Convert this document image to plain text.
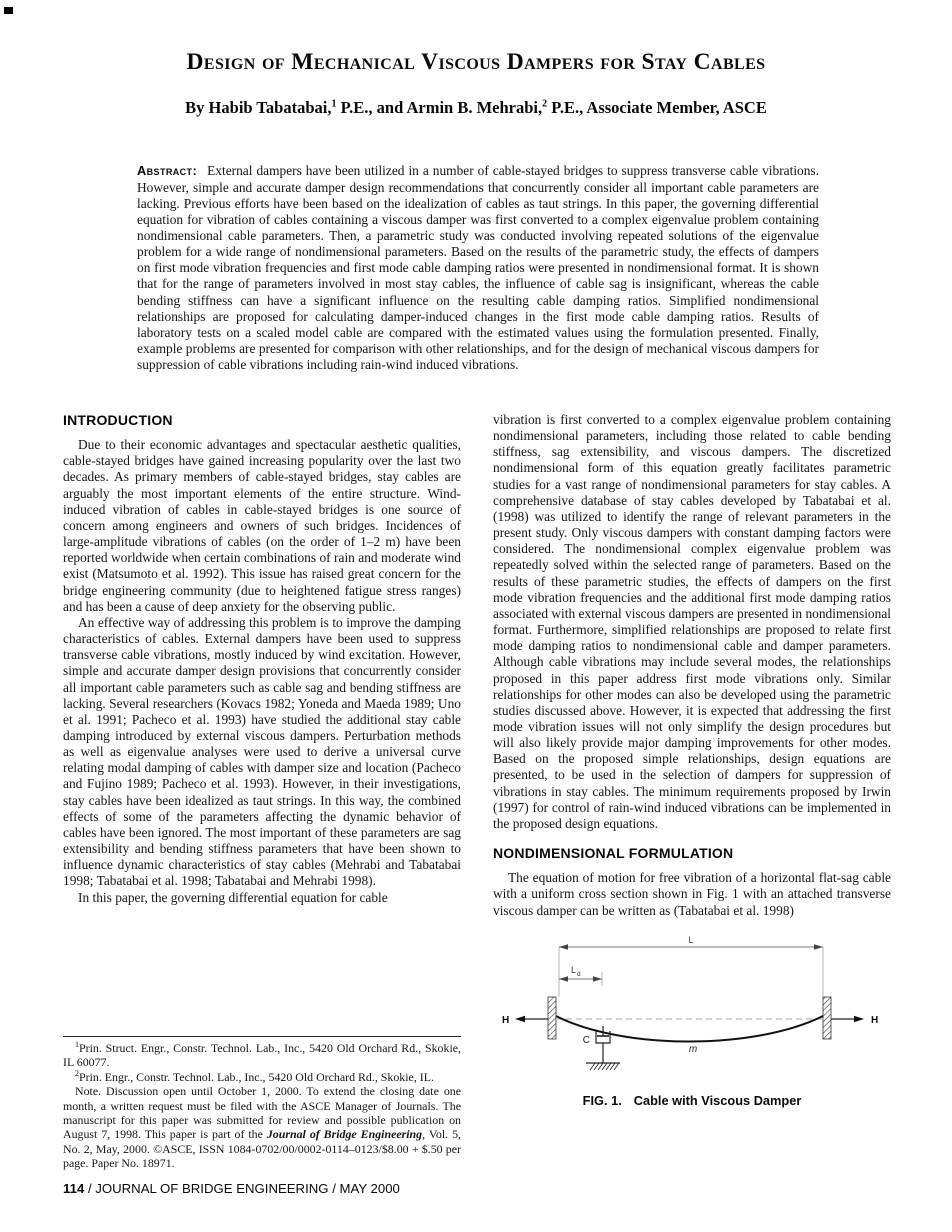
Design of Mechanical Viscous Dampers for Stay Cables
By Habib Tabatabai,$^1$ P.E., and Armin B. Mehrabi,$^2$ P.E., Associate Member, ASCE

Abstract: External dampers have been utilized in a number of cable-stayed bridges to suppress transverse cable vibrations. However, simple and accurate damper design recommendations that concurrently consider all important cable parameters are lacking. Previous efforts have been based on the idealization of cables as taut strings. In this paper, the governing differential equation for vibration of cables containing a viscous damper was first converted to a complex eigenvalue problem containing nondimensional cable parameters. Then, a parametric study was conducted involving repeated solutions of the eigenvalue problem for a wide range of nondimensional parameters. Based on the results of the parametric study, the effects of dampers on first mode vibration frequencies and first mode cable damping ratios were presented in nondimensional format. It is shown that for the range of parameters involved in most stay cables, the influence of cable sag is insignificant, whereas the cable bending stiffness can have a significant influence on the resulting cable damping ratios. Simplified nondimensional relationships are proposed for calculating damper-induced changes in the first mode cable damping ratios. Results of laboratory tests on a scaled model cable are compared with the estimated values using the formulation presented. Finally, example problems are presented for comparison with other relationships, and for the design of mechanical viscous dampers for suppression of cable vibrations including rain-wind induced vibrations.

INTRODUCTION

Due to their economic advantages and spectacular aesthetic qualities, cable-stayed bridges have gained increasing popularity over the last two decades. As primary members of cable-stayed bridges, stay cables are arguably the most important elements of the entire structure. Wind-induced vibration of cables in cable-stayed bridges is one source of concern among engineers and owners of such bridges. Incidences of large-amplitude vibrations of cables (on the order of 1–2 m) have been reported worldwide when certain combinations of rain and moderate wind exist (Matsumoto et al. 1992). This issue has raised great concern for the bridge engineering community (due to heightened fatigue stress ranges) and has been a cause of deep anxiety for the observing public.

An effective way of addressing this problem is to improve the damping characteristics of cables. External dampers have been used to suppress transverse cable vibrations, mostly induced by wind excitation. However, simple and accurate damper design provisions that concurrently consider all important cable parameters such as cable sag and bending stiffness are lacking. Several researchers (Kovacs 1982; Yoneda and Maeda 1989; Uno et al. 1991; Pacheco et al. 1993) have studied the additional stay cable damping introduced by external viscous dampers. Perturbation methods as well as eigenvalue analyses were used to derive a universal curve relating modal damping of cables with damper size and location (Pacheco and Fujino 1989; Pacheco et al. 1993). However, in their investigations, stay cables have been idealized as taut strings. In this way, the combined effects of some of the parameters affecting the dynamic behavior of cables have been ignored. The most important of these parameters are sag extensibility and bending stiffness parameters that have been shown to influence dynamic characteristics of stay cables (Mehrabi and Tabatabai 1998; Tabatabai et al. 1998; Tabatabai and Mehrabi 1998).

In this paper, the governing differential equation for cable

vibration is first converted to a complex eigenvalue problem containing nondimensional parameters, including those related to cable bending stiffness, sag extensibility, and viscous dampers. The discretized nondimensional form of this equation greatly facilitates parametric studies for a vast range of nondimensional parameters for stay cables. A comprehensive database of stay cables developed by Tabatabai et al. (1998) was utilized to identify the range of relevant parameters in the present study. Only viscous dampers with constant damping factors were considered. The nondimensional complex eigenvalue problem was repeatedly solved within the selected range of parameters. Based on the results of these parametric studies, the effects of dampers on the first mode vibration frequencies and the additional first mode damping ratios associated with external viscous dampers are presented in nondimensional format. Furthermore, simplified relationships are proposed to relate first mode damping ratios to nondimensional cable and damper parameters. Although cable vibrations may include several modes, the relationships proposed in this paper address first mode vibrations only. Similar relationships for other modes can also be developed using the parametric studies discussed above. However, it is expected that addressing the first mode vibration issues will not only simplify the design procedures but will also likely provide major damping improvements for other modes. Based on the proposed simple relationships, design equations are presented, to be used in the selection of dampers for suppression of vibrations in stay cables. The minimum requirements proposed by Irwin (1997) for control of rain-wind induced vibrations can be implemented in the proposed design equations.

NONDIMENSIONAL FORMULATION

The equation of motion for free vibration of a horizontal flat-sag cable with a uniform cross section shown in Fig. 1 with an attached transverse viscous damper can be written as (Tabatabai et al. 1998)

L
L d
H	H
m
C
FIG. 1. Cable with Viscous Damper

$^1$Prin. Struct. Engr., Constr. Technol. Lab., Inc., 5420 Old Orchard Rd., Skokie, IL 60077.

$^2$Prin. Engr., Constr. Technol. Lab., Inc., 5420 Old Orchard Rd., Skokie, IL.

Note. Discussion open until October 1, 2000. To extend the closing date one month, a written request must be filed with the ASCE Manager of Journals. The manuscript for this paper was submitted for review and possible publication on August 7, 1998. This paper is part of the Journal of Bridge Engineering, Vol. 5, No. 2, May, 2000. ©ASCE, ISSN 1084-0702/00/0002-0114–0123/$8.00 + $.50 per page. Paper No. 18971.

114 / JOURNAL OF BRIDGE ENGINEERING / MAY 2000
